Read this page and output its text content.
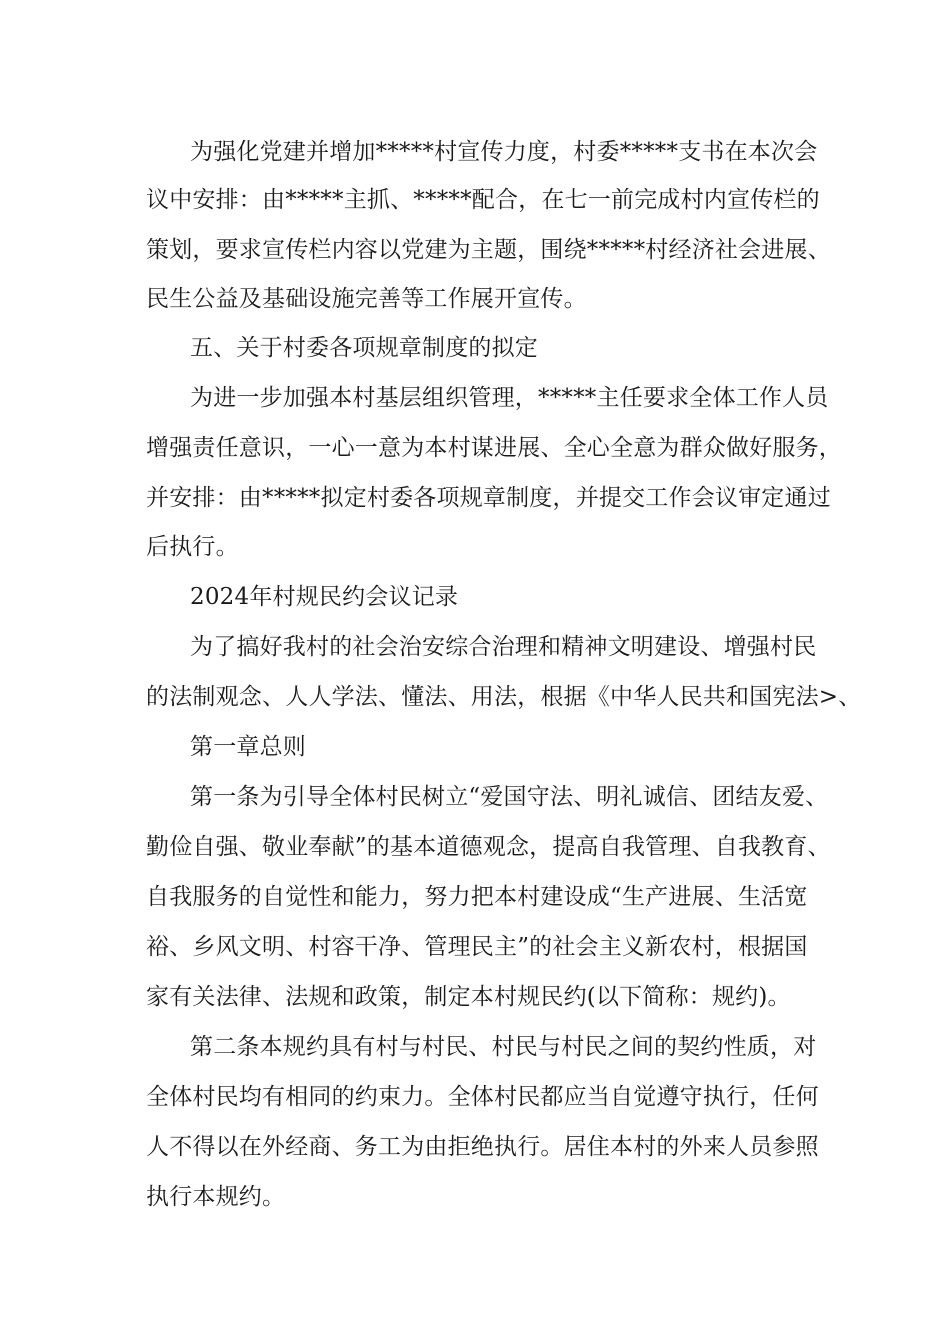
为强化党建并增加*****村宣传力度，村委*****支书在本次会
议中安排：由*****主抓、*****配合，在七一前完成村内宣传栏的
策划，要求宣传栏内容以党建为主题，围绕*****村经济社会进展、
民生公益及基础设施完善等工作展开宣传。
五、关于村委各项规章制度的拟定
为进一步加强本村基层组织管理，*****主任要求全体工作人员
增强责任意识，一心一意为本村谋进展、全心全意为群众做好服务，
并安排：由*****拟定村委各项规章制度，并提交工作会议审定通过
后执行。
2024年村规民约会议记录
为了搞好我村的社会治安综合治理和精神文明建设、增强村民
的法制观念、人人学法、懂法、用法，根据《中华人民共和国宪法>、
第一章总则
第一条为引导全体村民树立“爱国守法、明礼诚信、团结友爱、
勤俭自强、敬业奉献”的基本道德观念，提高自我管理、自我教育、
自我服务的自觉性和能力，努力把本村建设成“生产进展、生活宽
裕、乡风文明、村容干净、管理民主”的社会主义新农村，根据国
家有关法律、法规和政策，制定本村规民约(以下简称：规约)。
第二条本规约具有村与村民、村民与村民之间的契约性质，对
全体村民均有相同的约束力。全体村民都应当自觉遵守执行，任何
人不得以在外经商、务工为由拒绝执行。居住本村的外来人员参照
执行本规约。
